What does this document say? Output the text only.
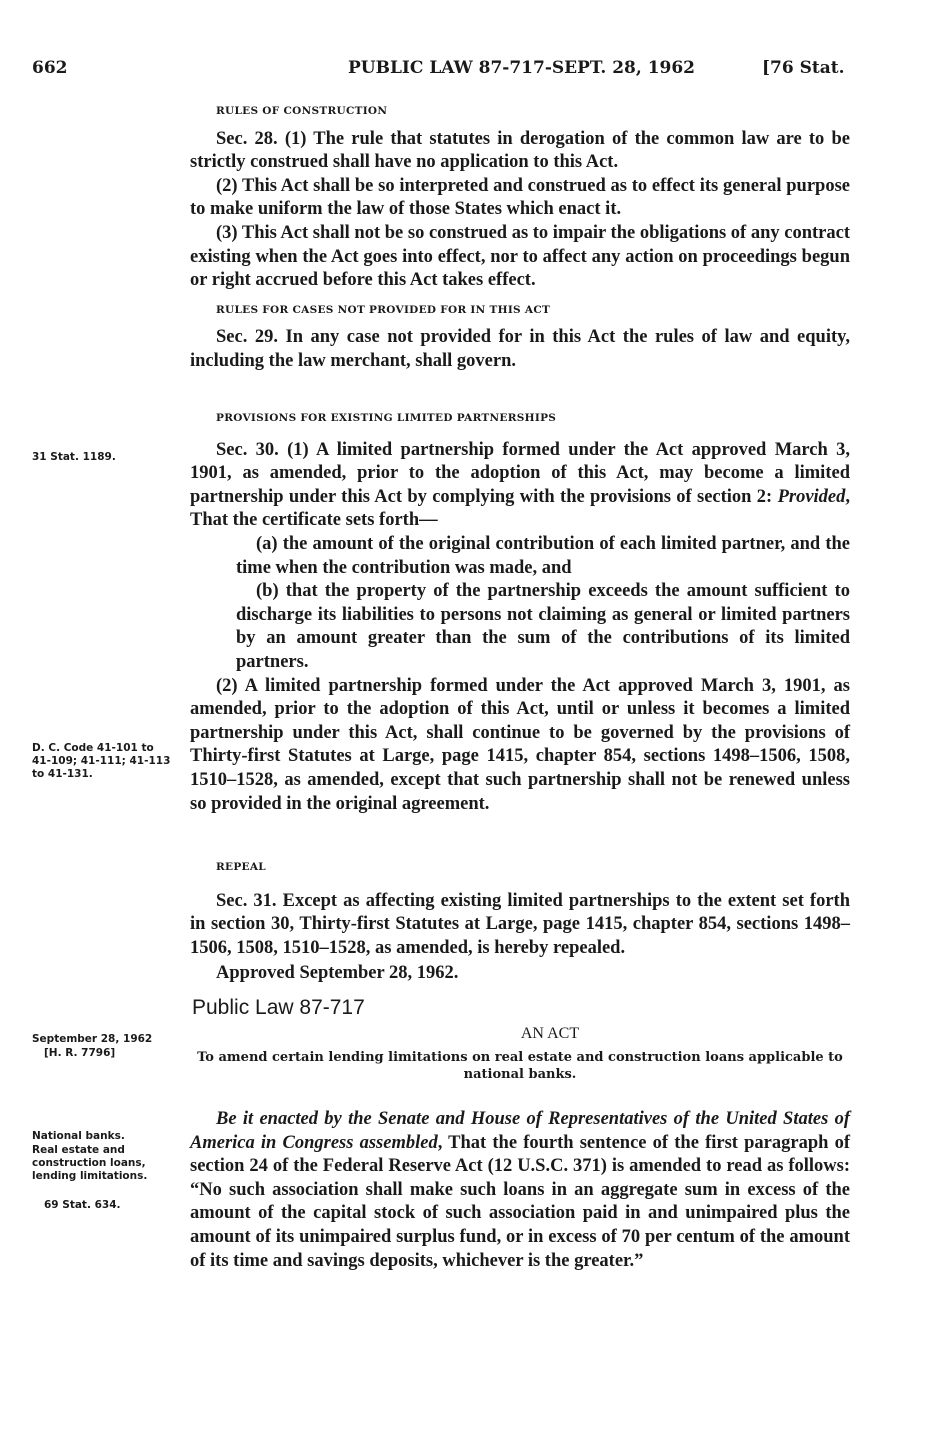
662	PUBLIC LAW 87-717-SEPT. 28, 1962	[76 Stat.

RULES OF CONSTRUCTION

Sec. 28. (1) The rule that statutes in derogation of the common law are to be strictly construed shall have no application to this Act.

(2) This Act shall be so interpreted and construed as to effect its general purpose to make uniform the law of those States which enact it.

(3) This Act shall not be so construed as to impair the obligations of any contract existing when the Act goes into effect, nor to affect any action on proceedings begun or right accrued before this Act takes effect.

RULES FOR CASES NOT PROVIDED FOR IN THIS ACT

Sec. 29. In any case not provided for in this Act the rules of law and equity, including the law merchant, shall govern.

PROVISIONS FOR EXISTING LIMITED PARTNERSHIPS

Sec. 30. (1) A limited partnership formed under the Act approved March 3, 1901, as amended, prior to the adoption of this Act, may become a limited partnership under this Act by complying with the provisions of section 2: Provided, That the certificate sets forth—

(a) the amount of the original contribution of each limited partner, and the time when the contribution was made, and

(b) that the property of the partnership exceeds the amount sufficient to discharge its liabilities to persons not claiming as general or limited partners by an amount greater than the sum of the contributions of its limited partners.

(2) A limited partnership formed under the Act approved March 3, 1901, as amended, prior to the adoption of this Act, until or unless it becomes a limited partnership under this Act, shall continue to be governed by the provisions of Thirty-first Statutes at Large, page 1415, chapter 854, sections 1498–1506, 1508, 1510–1528, as amended, except that such partnership shall not be renewed unless so provided in the original agreement.

REPEAL

Sec. 31. Except as affecting existing limited partnerships to the extent set forth in section 30, Thirty-first Statutes at Large, page 1415, chapter 854, sections 1498–1506, 1508, 1510–1528, as amended, is hereby repealed.

Approved September 28, 1962.

31 Stat. 1189.
D. C. Code 41-101 to 41-109; 41-111; 41-113 to 41-131.
September 28, 1962
[H. R. 7796]
National banks.
Real estate and construction loans, lending limitations.
69 Stat. 634.
Public Law 87-717
AN ACT
To amend certain lending limitations on real estate and construction loans applicable to national banks.

Be it enacted by the Senate and House of Representatives of the United States of America in Congress assembled, That the fourth sentence of the first paragraph of section 24 of the Federal Reserve Act (12 U.S.C. 371) is amended to read as follows: “No such association shall make such loans in an aggregate sum in excess of the amount of the capital stock of such association paid in and unimpaired plus the amount of its unimpaired surplus fund, or in excess of 70 per centum of the amount of its time and savings deposits, whichever is the greater.”
